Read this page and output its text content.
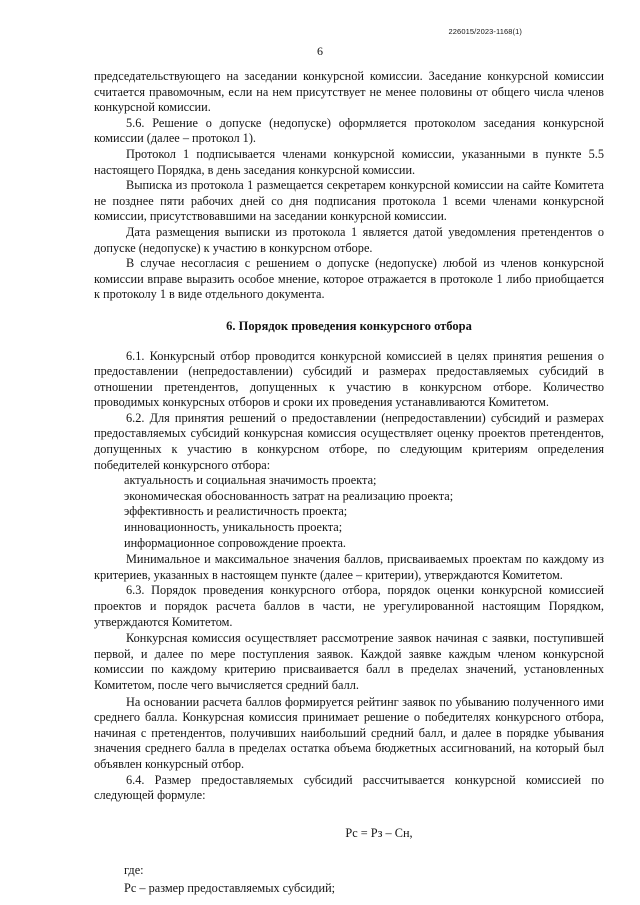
226015/2023-1168(1)
6

председательствующего на заседании конкурсной комиссии. Заседание конкурсной комиссии считается правомочным, если на нем присутствует не менее половины от общего числа членов конкурсной комиссии.

5.6. Решение о допуске (недопуске) оформляется протоколом заседания конкурсной комиссии (далее – протокол 1).

Протокол 1 подписывается членами конкурсной комиссии, указанными в пункте 5.5 настоящего Порядка, в день заседания конкурсной комиссии.

Выписка из протокола 1 размещается секретарем конкурсной комиссии на сайте Комитета не позднее пяти рабочих дней со дня подписания протокола 1 всеми членами конкурсной комиссии, присутствовавшими на заседании конкурсной комиссии.

Дата размещения выписки из протокола 1 является датой уведомления претендентов о допуске (недопуске) к участию в конкурсном отборе.

В случае несогласия с решением о допуске (недопуске) любой из членов конкурсной комиссии вправе выразить особое мнение, которое отражается в протоколе 1 либо приобщается к протоколу 1 в виде отдельного документа.

6. Порядок проведения конкурсного отбора

6.1. Конкурсный отбор проводится конкурсной комиссией в целях принятия решения о предоставлении (непредоставлении) субсидий и размерах предоставляемых субсидий в отношении претендентов, допущенных к участию в конкурсном отборе. Количество проводимых конкурсных отборов и сроки их проведения устанавливаются Комитетом.

6.2. Для принятия решений о предоставлении (непредоставлении) субсидий и размерах предоставляемых субсидий конкурсная комиссия осуществляет оценку проектов претендентов, допущенных к участию в конкурсном отборе, по следующим критериям определения победителей конкурсного отбора:

актуальность и социальная значимость проекта;
экономическая обоснованность затрат на реализацию проекта;
эффективность и реалистичность проекта;
инновационность, уникальность проекта;
информационное сопровождение проекта.

Минимальное и максимальное значения баллов, присваиваемых проектам по каждому из критериев, указанных в настоящем пункте (далее – критерии), утверждаются Комитетом.

6.3. Порядок проведения конкурсного отбора, порядок оценки конкурсной комиссией проектов и порядок расчета баллов в части, не урегулированной настоящим Порядком, утверждаются Комитетом.

Конкурсная комиссия осуществляет рассмотрение заявок начиная с заявки, поступившей первой, и далее по мере поступления заявок. Каждой заявке каждым членом конкурсной комиссии по каждому критерию присваивается балл в пределах значений, установленных Комитетом, после чего вычисляется средний балл.

На основании расчета баллов формируется рейтинг заявок по убыванию полученного ими среднего балла. Конкурсная комиссия принимает решение о победителях конкурсного отбора, начиная с претендентов, получивших наибольший средний балл, и далее в порядке убывания значения среднего балла в пределах остатка объема бюджетных ассигнований, на который был объявлен конкурсный отбор.

6.4. Размер предоставляемых субсидий рассчитывается конкурсной комиссией по следующей формуле:

Рс = Рз – Сн,
где:
Рс – размер предоставляемых субсидий;
